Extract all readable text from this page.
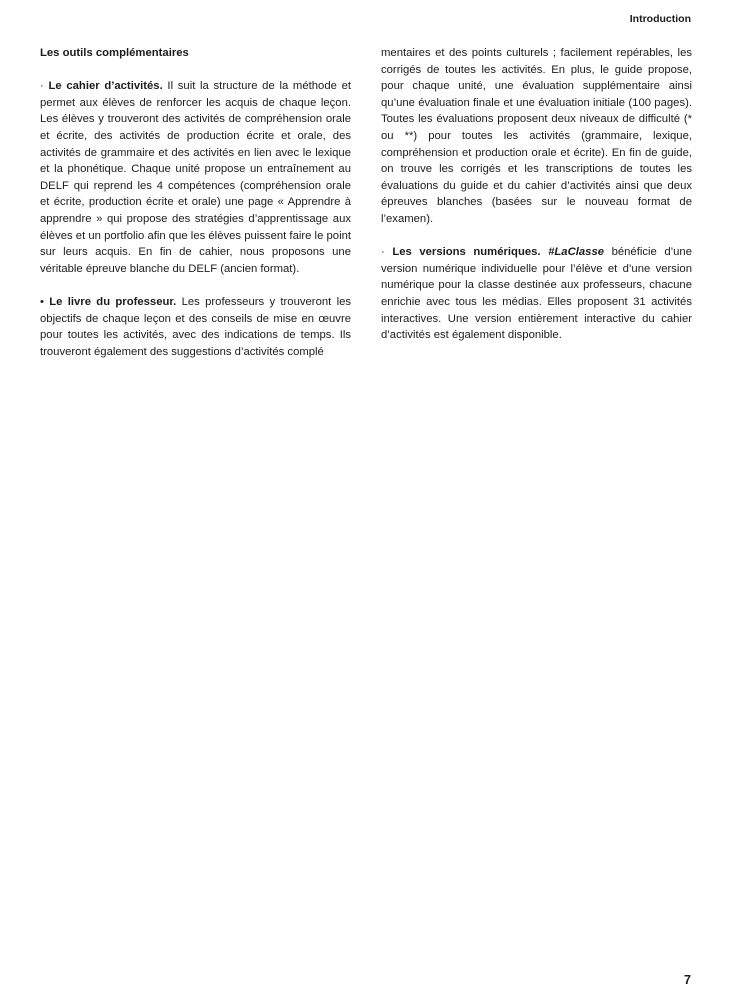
Introduction

Les outils complémentaires

· Le cahier d’activités. Il suit la structure de la méthode et permet aux élèves de renforcer les acquis de chaque leçon. Les élèves y trouveront des activités de compréhension orale et écrite, des activités de production écrite et orale, des activités de grammaire et des activités en lien avec le lexique et la phonétique. Chaque unité propose un entraînement au DELF qui reprend les 4 compétences (compréhension orale et écrite, production écrite et orale) une page « Apprendre à apprendre » qui propose des stratégies d’apprentissage aux élèves et un portfolio afin que les élèves puissent faire le point sur leurs acquis. En fin de cahier, nous proposons une véritable épreuve blanche du DELF (ancien format).

• Le livre du professeur. Les professeurs y trouveront les objectifs de chaque leçon et des conseils de mise en œuvre pour toutes les activités, avec des indications de temps. Ils trouveront également des suggestions d’activités complé

mentaires et des points culturels ; facilement repérables, les corrigés de toutes les activités. En plus, le guide propose, pour chaque unité, une évaluation supplémentaire ainsi qu’une évaluation finale et une évaluation initiale (100 pages). Toutes les évaluations proposent deux niveaux de difficulté (* ou **) pour toutes les activités (grammaire, lexique, compréhension et production orale et écrite). En fin de guide, on trouve les corrigés et les transcriptions de toutes les évaluations du guide et du cahier d’activités ainsi que deux épreuves blanches (basées sur le nouveau format de l’examen).

· Les versions numériques. #LaClasse bénéficie d’une version numérique individuelle pour l’élève et d’une version numérique pour la classe destinée aux professeurs, chacune enrichie avec tous les médias. Elles proposent 31 activités interactives. Une version entièrement interactive du cahier d’activités est également disponible.

7
